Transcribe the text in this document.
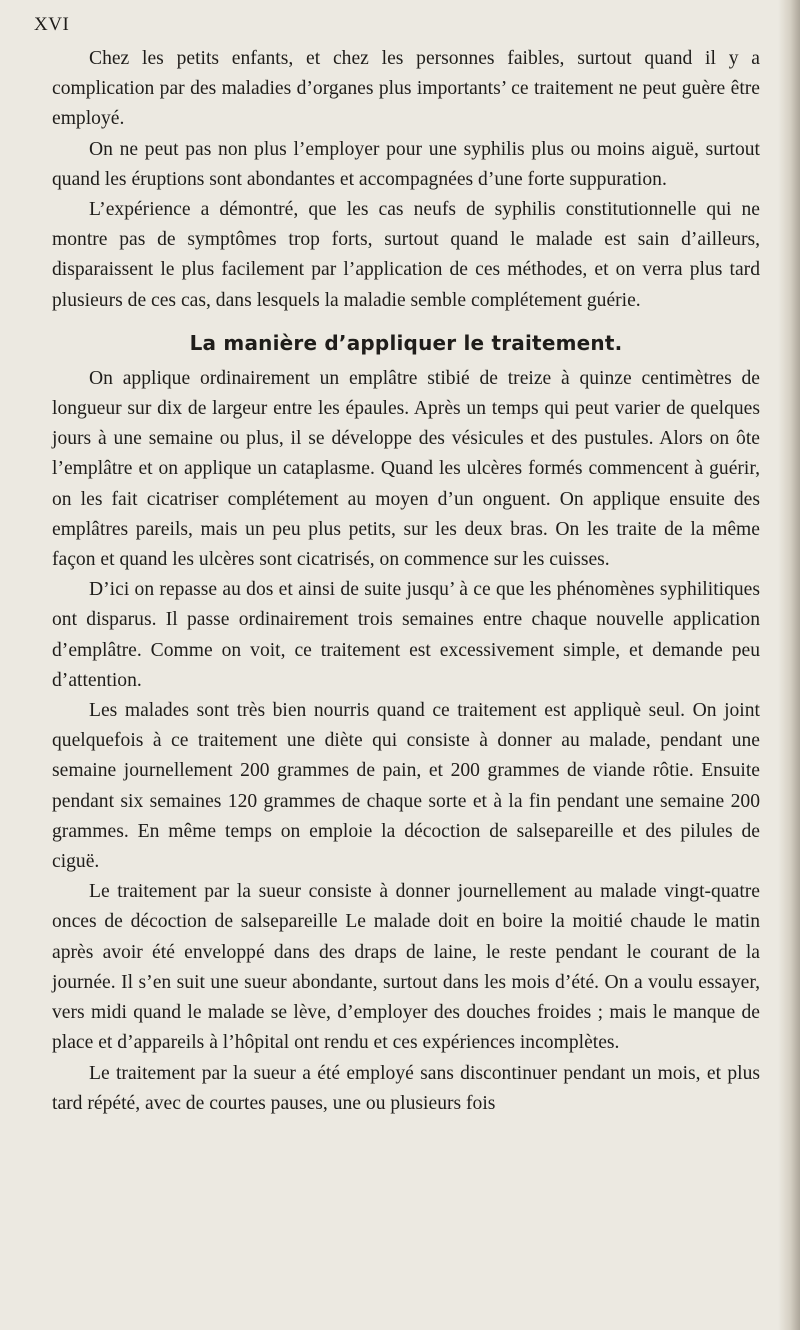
XVI

Chez les petits enfants, et chez les personnes faibles, surtout quand il y a complication par des maladies d’organes plus importants’ ce traitement ne peut guère être employé.

On ne peut pas non plus l’employer pour une syphilis plus ou moins aiguë, surtout quand les éruptions sont abondantes et accompagnées d’une forte suppuration.

L’expérience a démontré, que les cas neufs de syphilis constitutionnelle qui ne montre pas de symptômes trop forts, surtout quand le malade est sain d’ailleurs, disparaissent le plus facilement par l’application de ces méthodes, et on verra plus tard plusieurs de ces cas, dans lesquels la maladie semble complétement guérie.

La manière d’appliquer le traitement.

On applique ordinairement un emplâtre stibié de treize à quinze centimètres de longueur sur dix de largeur entre les épaules. Après un temps qui peut varier de quelques jours à une semaine ou plus, il se développe des vésicules et des pustules. Alors on ôte l’emplâtre et on applique un cataplasme. Quand les ulcères formés commencent à guérir, on les fait cicatriser complétement au moyen d’un onguent. On applique ensuite des emplâtres pareils, mais un peu plus petits, sur les deux bras. On les traite de la même façon et quand les ulcères sont cicatrisés, on commence sur les cuisses.

D’ici on repasse au dos et ainsi de suite jusqu’ à ce que les phénomènes syphilitiques ont disparus. Il passe ordinairement trois semaines entre chaque nouvelle application d’emplâtre. Comme on voit, ce traitement est excessivement simple, et demande peu d’attention.

Les malades sont très bien nourris quand ce traitement est appliquè seul. On joint quelquefois à ce traitement une diète qui consiste à donner au malade, pendant une semaine journellement 200 grammes de pain, et 200 grammes de viande rôtie. Ensuite pendant six semaines 120 grammes de chaque sorte et à la fin pendant une semaine 200 grammes. En même temps on emploie la décoction de salsepareille et des pilules de ciguë.

Le traitement par la sueur consiste à donner journellement au malade vingt-quatre onces de décoction de salsepareille Le malade doit en boire la moitié chaude le matin après avoir été enveloppé dans des draps de laine, le reste pendant le courant de la journée. Il s’en suit une sueur abondante, surtout dans les mois d’été. On a voulu essayer, vers midi quand le malade se lève, d’employer des douches froides ; mais le manque de place et d’appareils à l’hôpital ont rendu et ces expériences incomplètes.

Le traitement par la sueur a été employé sans discontinuer pendant un mois, et plus tard répété, avec de courtes pauses, une ou plusieurs fois
